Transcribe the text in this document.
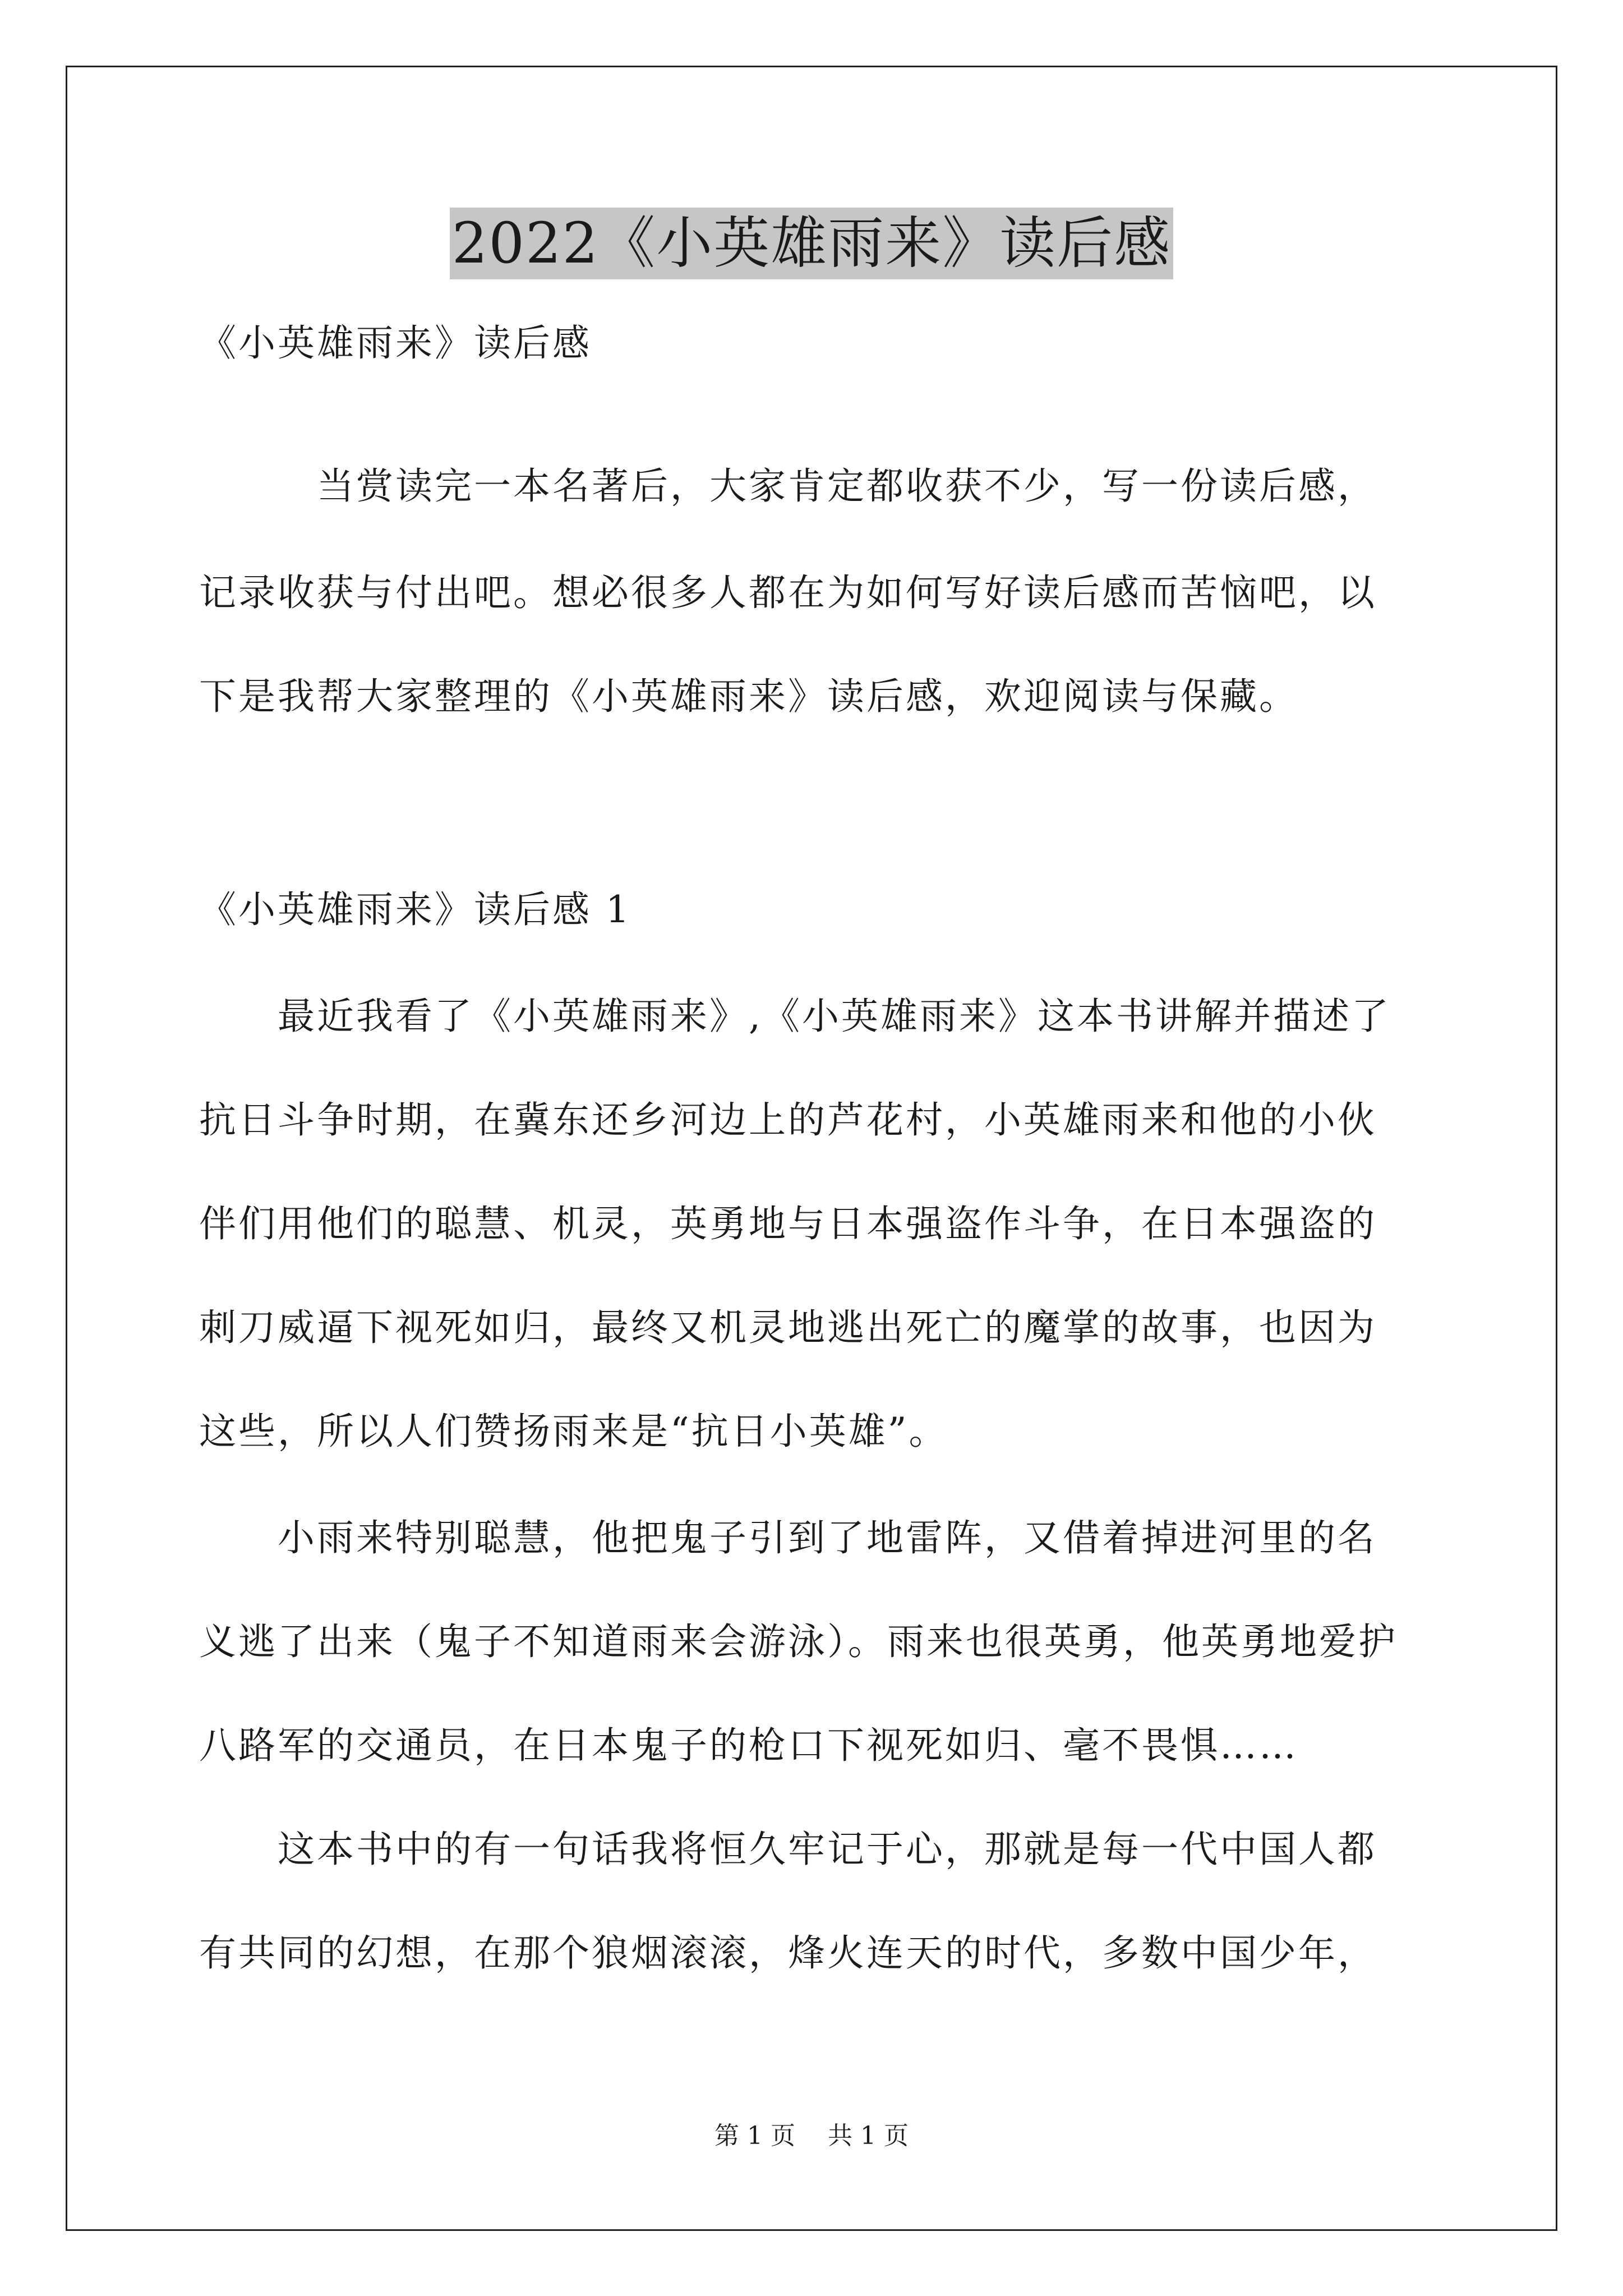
2022《小英雄雨来》读后感
《小英雄雨来》读后感
　　　当赏读完一本名著后，大家肯定都收获不少，写一份读后感，
记录收获与付出吧。想必很多人都在为如何写好读后感而苦恼吧，以
下是我帮大家整理的《小英雄雨来》读后感，欢迎阅读与保藏。
《小英雄雨来》读后感 1
　　最近我看了《小英雄雨来》,《小英雄雨来》这本书讲解并描述了
抗日斗争时期，在冀东还乡河边上的芦花村，小英雄雨来和他的小伙
伴们用他们的聪慧、机灵，英勇地与日本强盗作斗争，在日本强盗的
刺刀威逼下视死如归，最终又机灵地逃出死亡的魔掌的故事，也因为
这些，所以人们赞扬雨来是“抗日小英雄”。
　　小雨来特别聪慧，他把鬼子引到了地雷阵，又借着掉进河里的名
义逃了出来（鬼子不知道雨来会游泳）。雨来也很英勇，他英勇地爱护
八路军的交通员，在日本鬼子的枪口下视死如归、毫不畏惧……
　　这本书中的有一句话我将恒久牢记于心，那就是每一代中国人都
有共同的幻想，在那个狼烟滚滚，烽火连天的时代，多数中国少年，
第 1 页　 共 1 页
